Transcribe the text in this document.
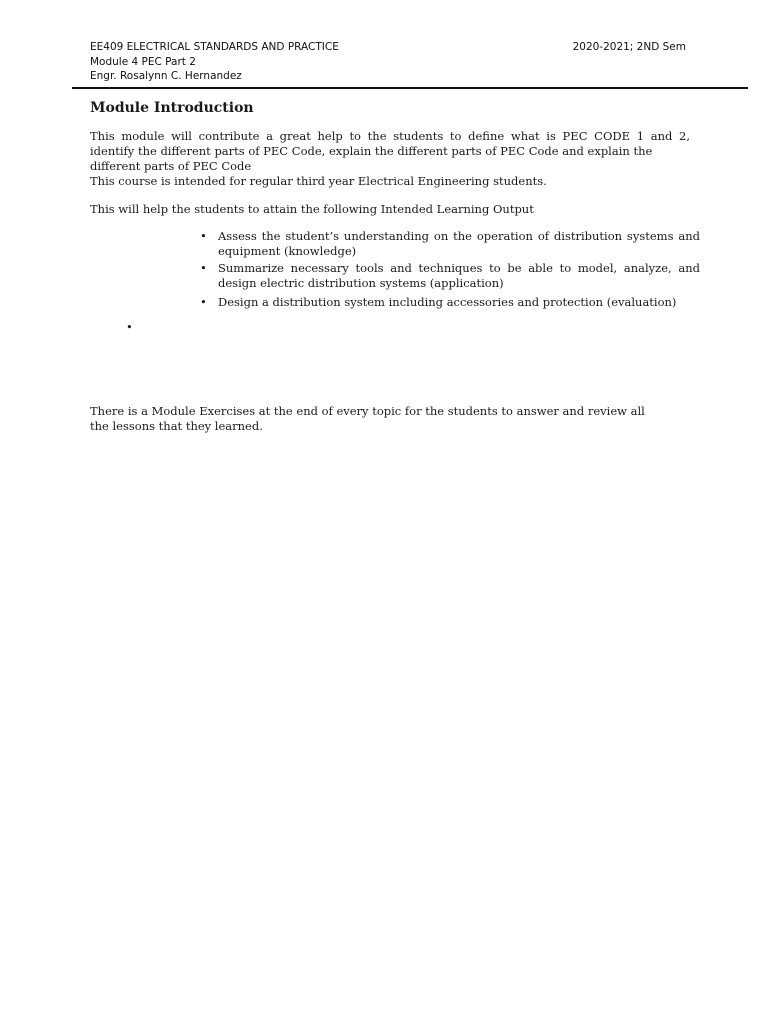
EE409 ELECTRICAL STANDARDS AND PRACTICE	2020-2021; 2ND Sem
Module 4 PEC Part 2
Engr. Rosalynn C. Hernandez
Module Introduction
This module will contribute a great help to the students to define what is PEC CODE 1 and 2,
identify the different parts of PEC Code, explain the different parts of PEC Code and explain the
different parts of PEC Code
This course is intended for regular third year Electrical Engineering students.
This will help the students to attain the following Intended Learning Output
• Assess the student’s understanding on the operation of distribution systems and equipment (knowledge)
• Summarize necessary tools and techniques to be able to model, analyze, and design electric distribution systems (application)
• Design a distribution system including accessories and protection (evaluation)
•
There is a Module Exercises at the end of every topic for the students to answer and review all
the lessons that they learned.
